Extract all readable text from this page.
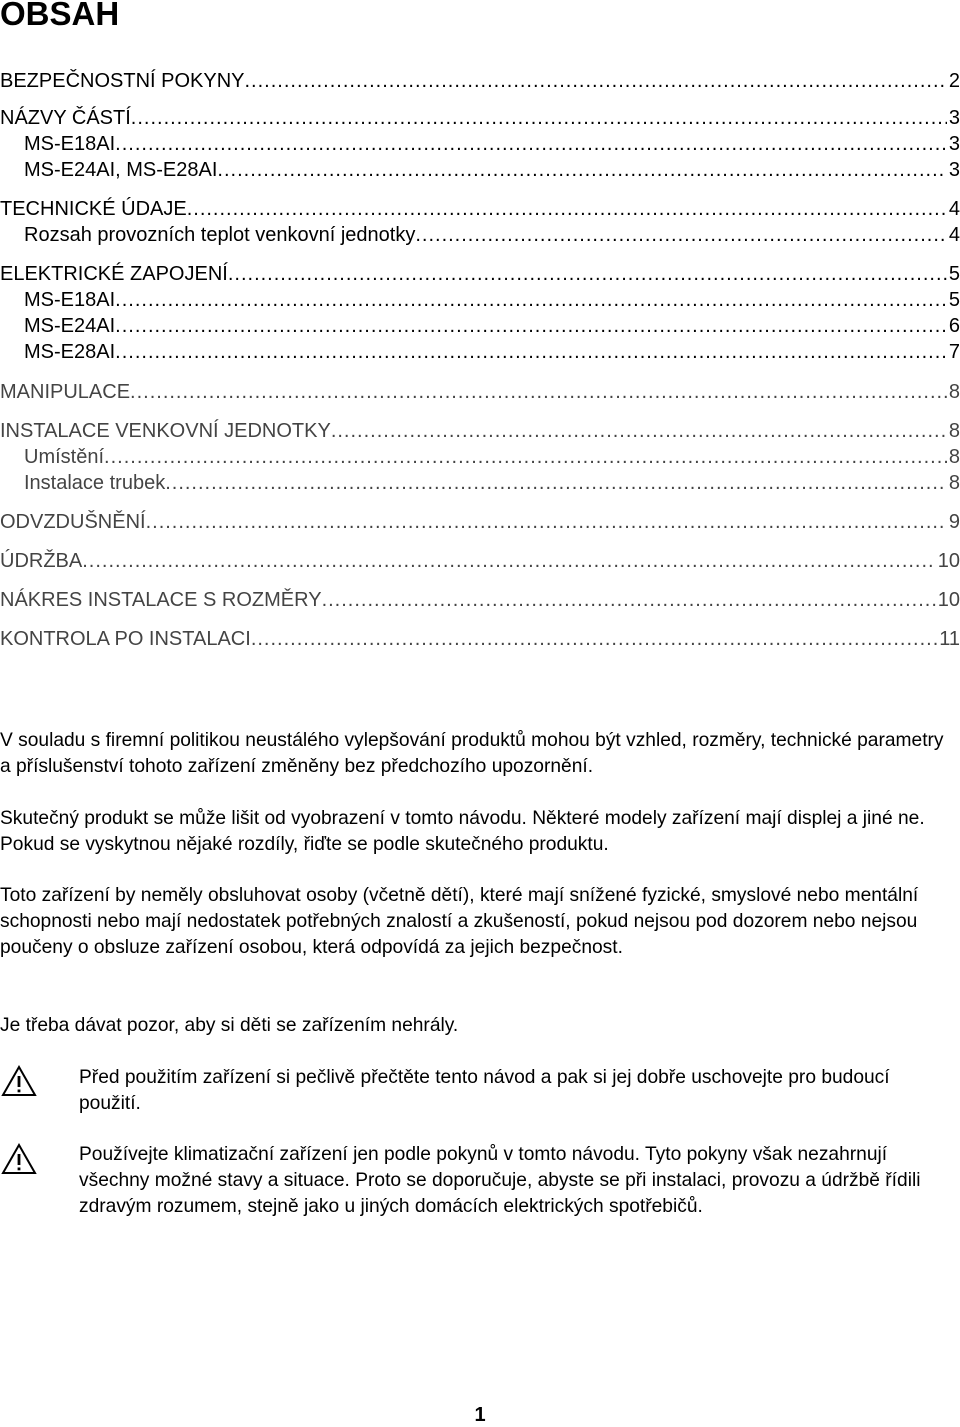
OBSAH
BEZPEČNOSTNÍ POKYNY .....	2
NÁZVY ČÁSTÍ .....	3
MS-E18AI .....	3
MS-E24AI, MS-E28AI .....	3
TECHNICKÉ ÚDAJE .....	4
Rozsah provozních teplot venkovní jednotky .....	4
ELEKTRICKÉ ZAPOJENÍ .....	5
MS-E18AI .....	5
MS-E24AI .....	6
MS-E28AI .....	7
MANIPULACE .....	8
INSTALACE VENKOVNÍ JEDNOTKY .....	8
Umístění .....	8
Instalace trubek .....	8
ODVZDUŠNĚNÍ .....	9
ÚDRŽBA .....	10
NÁKRES INSTALACE S ROZMĚRY .....	10
KONTROLA PO INSTALACI .....	11

V souladu s firemní politikou neustálého vylepšování produktů mohou být vzhled, rozměry, technické parametry a příslušenství tohoto zařízení změněny bez předchozího upozornění.

Skutečný produkt se může lišit od vyobrazení v tomto návodu. Některé modely zařízení mají displej a jiné ne. Pokud se vyskytnou nějaké rozdíly, řiďte se podle skutečného produktu.

Toto zařízení by neměly obsluhovat osoby (včetně dětí), které mají snížené fyzické, smyslové nebo mentální schopnosti nebo mají nedostatek potřebných znalostí a zkušeností, pokud nejsou pod dozorem nebo nejsou poučeny o obsluze zařízení osobou, která odpovídá za jejich bezpečnost.

Je třeba dávat pozor, aby si děti se zařízením nehrály.

Před použitím zařízení si pečlivě přečtěte tento návod a pak si jej dobře uschovejte pro budoucí použití.

Používejte klimatizační zařízení jen podle pokynů v tomto návodu. Tyto pokyny však nezahrnují všechny možné stavy a situace. Proto se doporučuje, abyste se při instalaci, provozu a údržbě řídili zdravým rozumem, stejně jako u jiných domácích elektrických spotřebičů.

1
